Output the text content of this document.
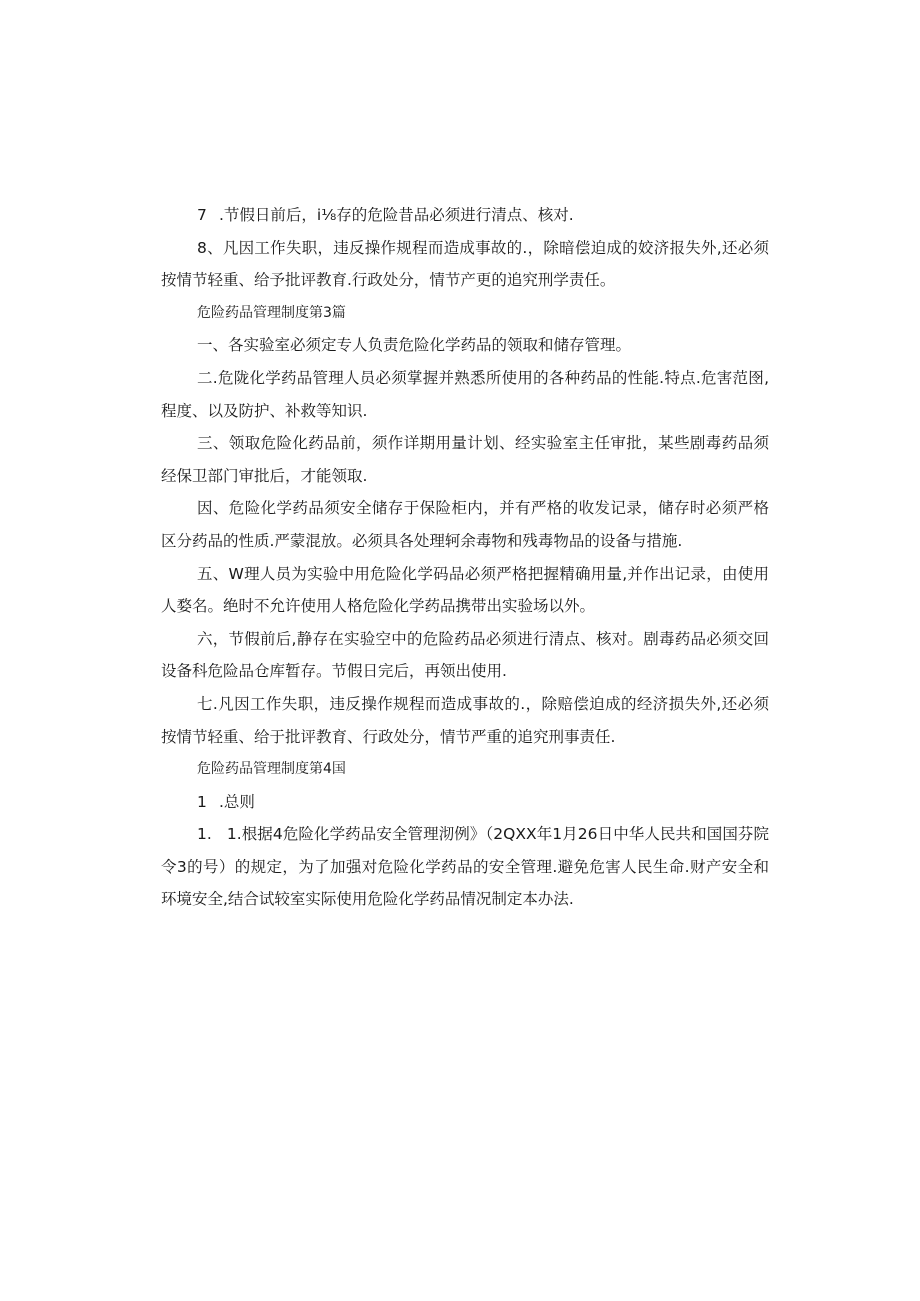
7 .节假日前后，i⅛存的危险昔品必须进行清点、核对.

8、凡因工作失职，违反操作规程而造成事故的.，除暗偿迫成的姣济报失外,还必须按情节轻重、给予批评教育.行政处分，情节产更的追究刑学责任。

危险药品管理制度第3篇

一、各实验室必须定专人负责危险化学药品的领取和储存管理。

二.危陇化学药品管理人员必须掌握并熟悉所使用的各种药品的性能.特点.危害范囹,程度、以及防护、补救等知识.

三、领取危险化药品前，须作详期用量计划、经实验室主任审批，某些剧毒药品须经保卫部门审批后，才能领取.

因、危险化学药品须安全储存于保险柜内，并有严格的收发记录，储存时必须严格区分药品的性质.严蒙混放。必须具各处理轲余毒物和残毒物品的设备与措施.

五、W理人员为实验中用危险化学码品必须严格把握精确用量,并作出记录，由使用人婺名。绝时不允许使用人格危险化学药品携带出实验场以外。

六，节假前后,静存在实验空中的危险药品必须进行清点、核对。剧毒药品必须交回设备科危险品仓库暂存。节假日完后，再领出使用.

七.凡因工作失职，违反操作规程而造成事故的.，除赔偿迫成的经济损失外,还必须按情节轻重、给于批评教育、行政处分，情节严重的追究刑事责任.

危险药品管理制度第4国

1 .总则

1.   1.根据4危险化学药品安全管理沏例》（2QXX年1月26日中华人民共和国国芬院令3的号）的规定，为了加强对危险化学药品的安全管理.避免危害人民生命.财产安全和环境安全,结合试较室实际使用危险化学药品情况制定本办法.
